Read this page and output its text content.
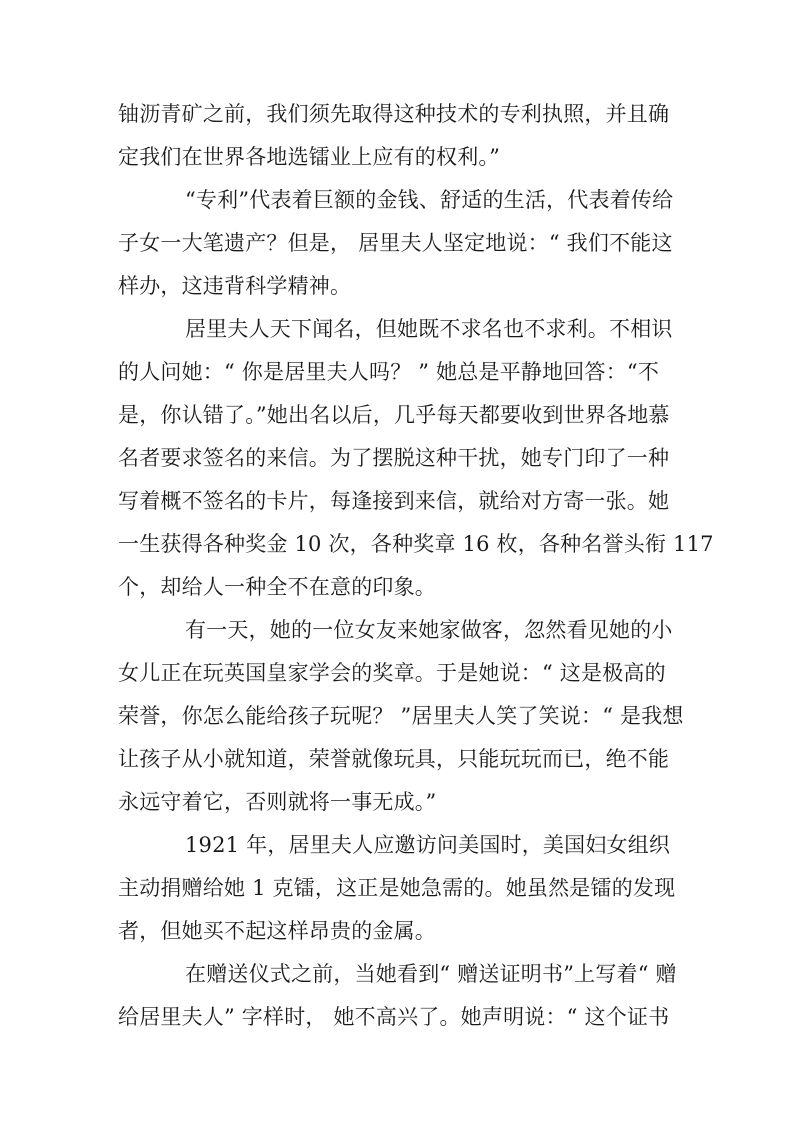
铀沥青矿之前，我们须先取得这种技术的专利执照，并且确
定我们在世界各地选镭业上应有的权利。”
“专利”代表着巨额的金钱、舒适的生活，代表着传给
子女一大笔遗产？但是， 居里夫人坚定地说：“ 我们不能这
样办，这违背科学精神。
居里夫人天下闻名，但她既不求名也不求利。不相识
的人问她：“ 你是居里夫人吗？ ” 她总是平静地回答：“不
是，你认错了。”她出名以后，几乎每天都要收到世界各地慕
名者要求签名的来信。为了摆脱这种干扰，她专门印了一种
写着概不签名的卡片，每逢接到来信，就给对方寄一张。她
一生获得各种奖金 10 次，各种奖章 16 枚，各种名誉头衔 117
个，却给人一种全不在意的印象。
有一天，她的一位女友来她家做客，忽然看见她的小
女儿正在玩英国皇家学会的奖章。于是她说：“ 这是极高的
荣誉，你怎么能给孩子玩呢？ ”居里夫人笑了笑说：“ 是我想
让孩子从小就知道，荣誉就像玩具，只能玩玩而已，绝不能
永远守着它，否则就将一事无成。”
1921 年，居里夫人应邀访问美国时，美国妇女组织
主动捐赠给她 1 克镭，这正是她急需的。她虽然是镭的发现
者，但她买不起这样昂贵的金属。
在赠送仪式之前，当她看到“ 赠送证明书”上写着“ 赠
给居里夫人” 字样时， 她不高兴了。她声明说：“ 这个证书
